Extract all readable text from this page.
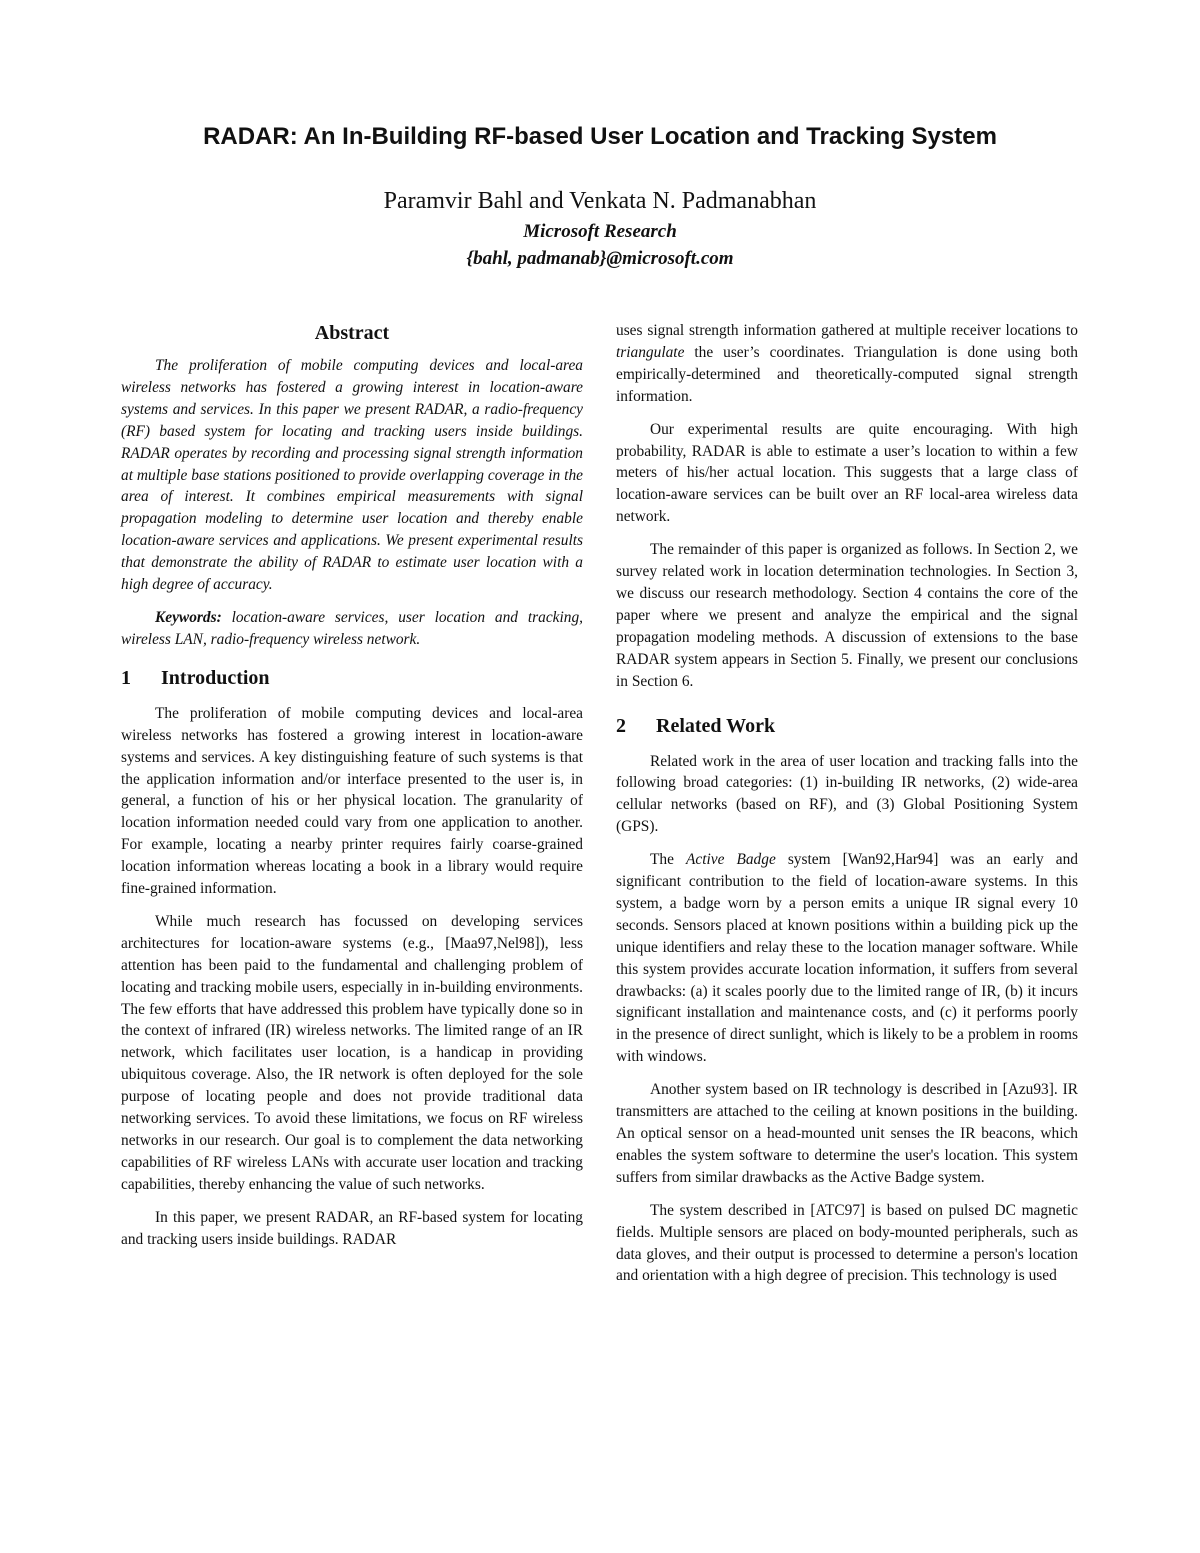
RADAR: An In-Building RF-based User Location and Tracking System
Paramvir Bahl and Venkata N. Padmanabhan
Microsoft Research
{bahl, padmanab}@microsoft.com
Abstract

The proliferation of mobile computing devices and local-area wireless networks has fostered a growing interest in location-aware systems and services. In this paper we present RADAR, a radio-frequency (RF) based system for locating and tracking users inside buildings. RADAR operates by recording and processing signal strength information at multiple base stations positioned to provide overlapping coverage in the area of interest. It combines empirical measurements with signal propagation modeling to determine user location and thereby enable location-aware services and applications. We present experimental results that demonstrate the ability of RADAR to estimate user location with a high degree of accuracy.

Keywords: location-aware services, user location and tracking, wireless LAN, radio-frequency wireless network.

1 Introduction

The proliferation of mobile computing devices and local-area wireless networks has fostered a growing interest in location-aware systems and services. A key distinguishing feature of such systems is that the application information and/or interface presented to the user is, in general, a function of his or her physical location. The granularity of location information needed could vary from one application to another. For example, locating a nearby printer requires fairly coarse-grained location information whereas locating a book in a library would require fine-grained information.

While much research has focussed on developing services architectures for location-aware systems (e.g., [Maa97,Nel98]), less attention has been paid to the fundamental and challenging problem of locating and tracking mobile users, especially in in-building environments. The few efforts that have addressed this problem have typically done so in the context of infrared (IR) wireless networks. The limited range of an IR network, which facilitates user location, is a handicap in providing ubiquitous coverage. Also, the IR network is often deployed for the sole purpose of locating people and does not provide traditional data networking services. To avoid these limitations, we focus on RF wireless networks in our research. Our goal is to complement the data networking capabilities of RF wireless LANs with accurate user location and tracking capabilities, thereby enhancing the value of such networks.

In this paper, we present RADAR, an RF-based system for locating and tracking users inside buildings. RADAR

uses signal strength information gathered at multiple receiver locations to triangulate the user’s coordinates. Triangulation is done using both empirically-determined and theoretically-computed signal strength information.

Our experimental results are quite encouraging. With high probability, RADAR is able to estimate a user’s location to within a few meters of his/her actual location. This suggests that a large class of location-aware services can be built over an RF local-area wireless data network.

The remainder of this paper is organized as follows. In Section 2, we survey related work in location determination technologies. In Section 3, we discuss our research methodology. Section 4 contains the core of the paper where we present and analyze the empirical and the signal propagation modeling methods. A discussion of extensions to the base RADAR system appears in Section 5. Finally, we present our conclusions in Section 6.

2 Related Work

Related work in the area of user location and tracking falls into the following broad categories: (1) in-building IR networks, (2) wide-area cellular networks (based on RF), and (3) Global Positioning System (GPS).

The Active Badge system [Wan92,Har94] was an early and significant contribution to the field of location-aware systems. In this system, a badge worn by a person emits a unique IR signal every 10 seconds. Sensors placed at known positions within a building pick up the unique identifiers and relay these to the location manager software. While this system provides accurate location information, it suffers from several drawbacks: (a) it scales poorly due to the limited range of IR, (b) it incurs significant installation and maintenance costs, and (c) it performs poorly in the presence of direct sunlight, which is likely to be a problem in rooms with windows.

Another system based on IR technology is described in [Azu93]. IR transmitters are attached to the ceiling at known positions in the building. An optical sensor on a head-mounted unit senses the IR beacons, which enables the system software to determine the user's location. This system suffers from similar drawbacks as the Active Badge system.

The system described in [ATC97] is based on pulsed DC magnetic fields. Multiple sensors are placed on body-mounted peripherals, such as data gloves, and their output is processed to determine a person's location and orientation with a high degree of precision. This technology is used
